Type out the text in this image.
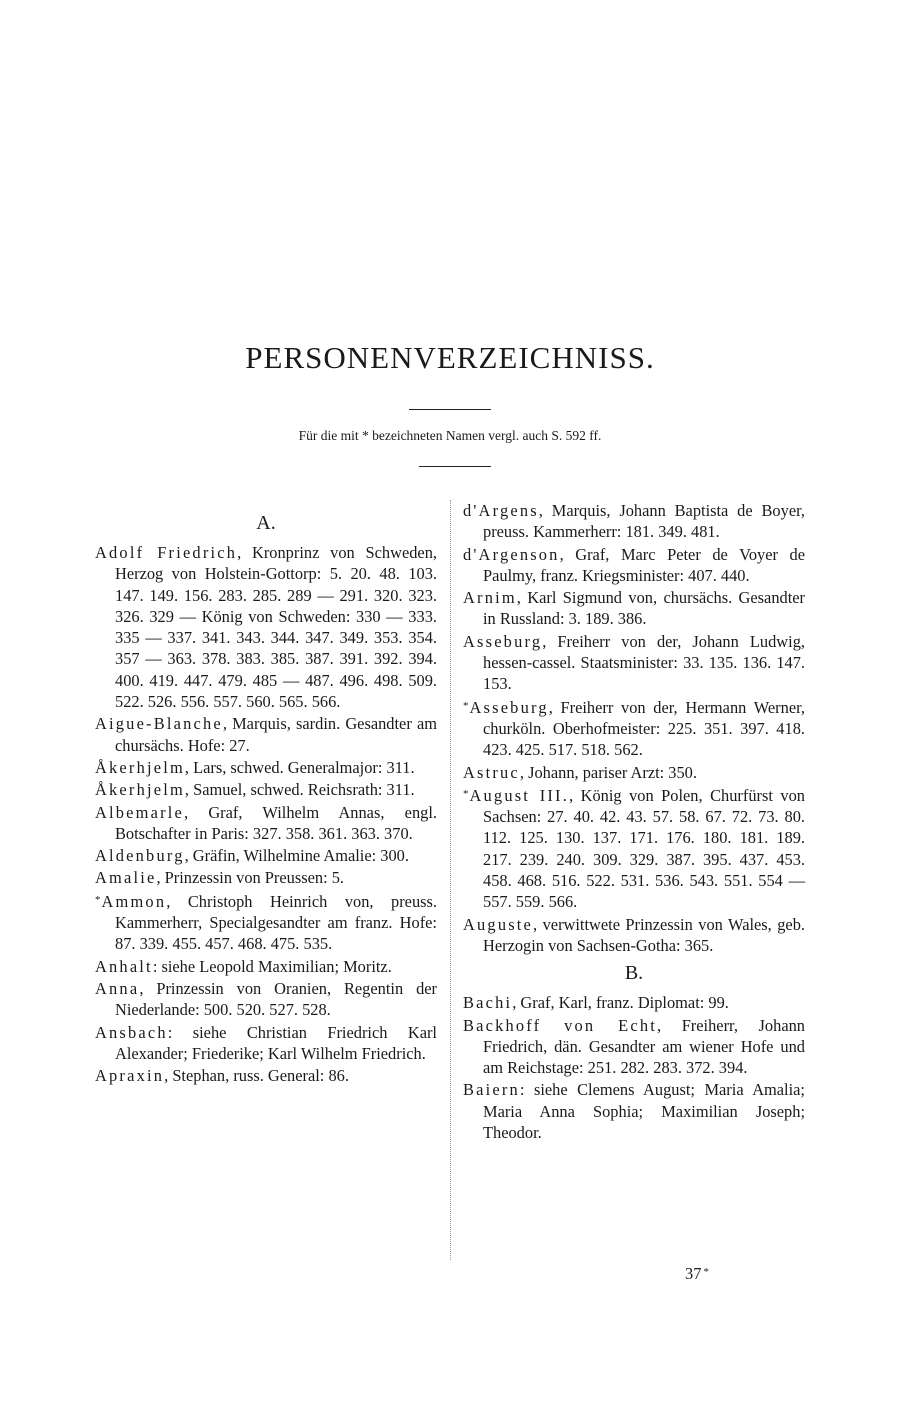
PERSONENVERZEICHNISS.
Für die mit * bezeichneten Namen vergl. auch S. 592 ff.
A.
Adolf Friedrich, Kronprinz von Schweden, Herzog von Holstein-Gottorp: 5. 20. 48. 103. 147. 149. 156. 283. 285. 289 — 291. 320. 323. 326. 329 — König von Schweden: 330 — 333. 335 — 337. 341. 343. 344. 347. 349. 353. 354. 357 — 363. 378. 383. 385. 387. 391. 392. 394. 400. 419. 447. 479. 485 — 487. 496. 498. 509. 522. 526. 556. 557. 560. 565. 566.
Aigue-Blanche, Marquis, sardin. Gesandter am chursächs. Hofe: 27.
Åkerhjelm, Lars, schwed. Generalmajor: 311.
Åkerhjelm, Samuel, schwed. Reichsrath: 311.
Albemarle, Graf, Wilhelm Annas, engl. Botschafter in Paris: 327. 358. 361. 363. 370.
Aldenburg, Gräfin, Wilhelmine Amalie: 300.
Amalie, Prinzessin von Preussen: 5.
*Ammon, Christoph Heinrich von, preuss. Kammerherr, Specialgesandter am franz. Hofe: 87. 339. 455. 457. 468. 475. 535.
Anhalt: siehe Leopold Maximilian; Moritz.
Anna, Prinzessin von Oranien, Regentin der Niederlande: 500. 520. 527. 528.
Ansbach: siehe Christian Friedrich Karl Alexander; Friederike; Karl Wilhelm Friedrich.
Apraxin, Stephan, russ. General: 86.
d'Argens, Marquis, Johann Baptista de Boyer, preuss. Kammerherr: 181. 349. 481.
d'Argenson, Graf, Marc Peter de Voyer de Paulmy, franz. Kriegsminister: 407. 440.
Arnim, Karl Sigmund von, chursächs. Gesandter in Russland: 3. 189. 386.
Asseburg, Freiherr von der, Johann Ludwig, hessen-cassel. Staatsminister: 33. 135. 136. 147. 153.
*Asseburg, Freiherr von der, Hermann Werner, churköln. Oberhofmeister: 225. 351. 397. 418. 423. 425. 517. 518. 562.
Astruc, Johann, pariser Arzt: 350.
*August III., König von Polen, Churfürst von Sachsen: 27. 40. 42. 43. 57. 58. 67. 72. 73. 80. 112. 125. 130. 137. 171. 176. 180. 181. 189. 217. 239. 240. 309. 329. 387. 395. 437. 453. 458. 468. 516. 522. 531. 536. 543. 551. 554 — 557. 559. 566.
Auguste, verwittwete Prinzessin von Wales, geb. Herzogin von Sachsen-Gotha: 365.
B.
Bachi, Graf, Karl, franz. Diplomat: 99.
Backhoff von Echt, Freiherr, Johann Friedrich, dän. Gesandter am wiener Hofe und am Reichstage: 251. 282. 283. 372. 394.
Baiern: siehe Clemens August; Maria Amalia; Maria Anna Sophia; Maximilian Joseph; Theodor.
37 *
